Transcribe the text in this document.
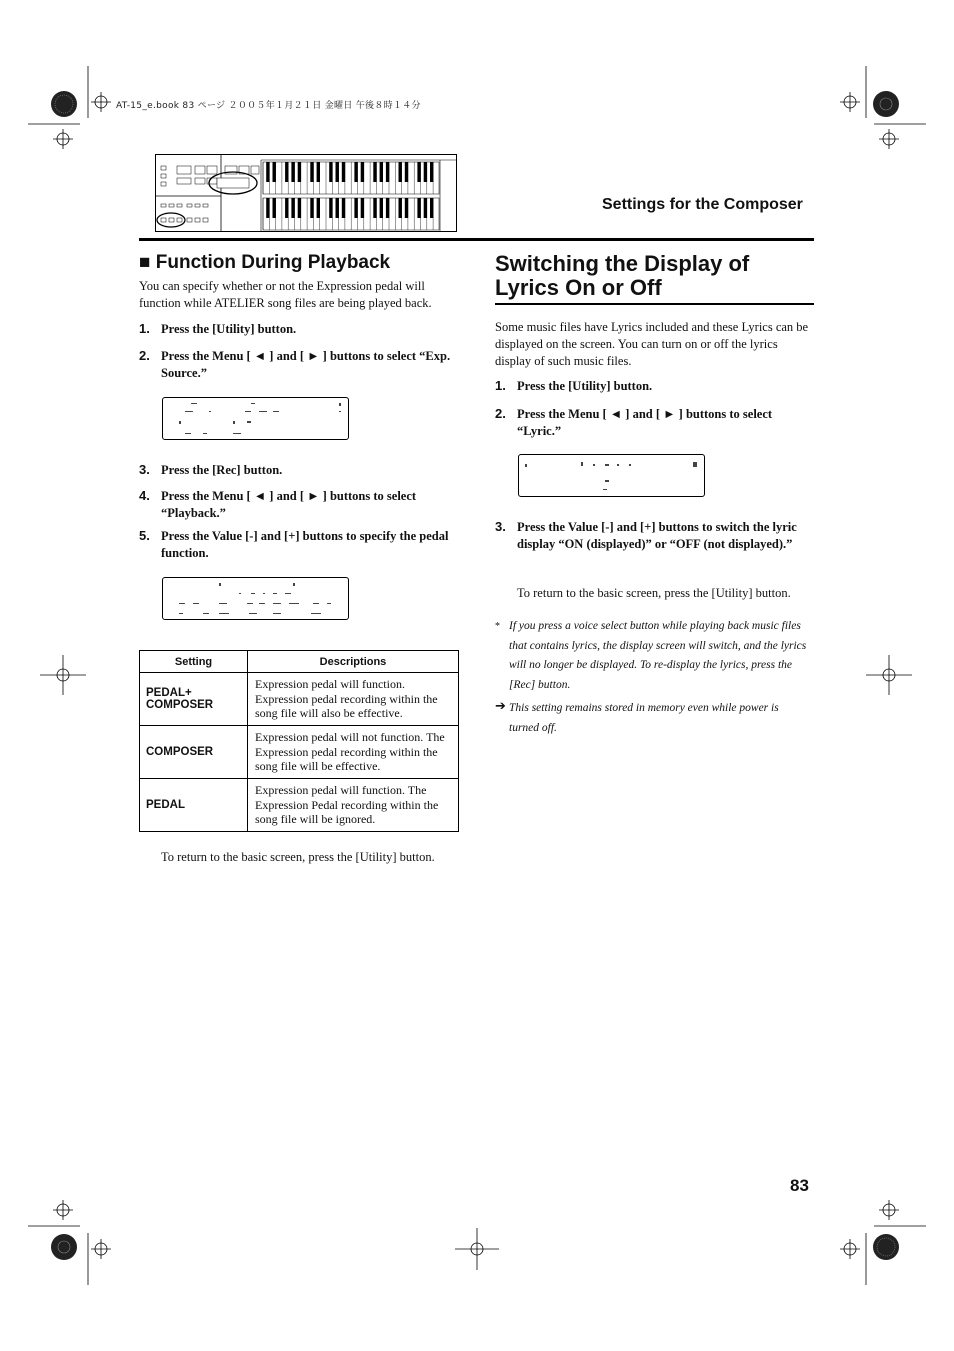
AT-15_e.book 83 ページ ２００５年１月２１日 金曜日 午後８時１４分
Settings for the Composer
■ Function During Playback
You can specify whether or not the Expression pedal will function while ATELIER song files are being played back.
1. Press the [Utility] button.
2. Press the Menu [ ◄ ] and [ ► ] buttons to select “Exp. Source.”
3. Press the [Rec] button.
4. Press the Menu [ ◄ ] and [ ► ] buttons to select “Playback.”
5. Press the Value [-] and [+] buttons to specify the pedal function.
Setting	Descriptions
PEDAL+ COMPOSER	Expression pedal will function. Expression pedal recording within the song file will also be effective.
COMPOSER	Expression pedal will not function. The Expression pedal recording within the song file will be effective.
PEDAL	Expression pedal will function. The Expression Pedal recording within the song file will be ignored.
To return to the basic screen, press the [Utility] button.
Switching the Display of Lyrics On or Off
Some music files have Lyrics included and these Lyrics can be displayed on the screen. You can turn on or off the lyrics display of such music files.
1. Press the [Utility] button.
2. Press the Menu [ ◄ ] and [ ► ] buttons to select “Lyric.”
3. Press the Value [-] and [+] buttons to switch the lyric display “ON (displayed)” or “OFF (not displayed).”
To return to the basic screen, press the [Utility] button.
* If you press a voice select button while playing back music files that contains lyrics, the display screen will switch, and the lyrics will no longer be displayed. To re-display the lyrics, press the [Rec] button.
➔ This setting remains stored in memory even while power is turned off.
83
